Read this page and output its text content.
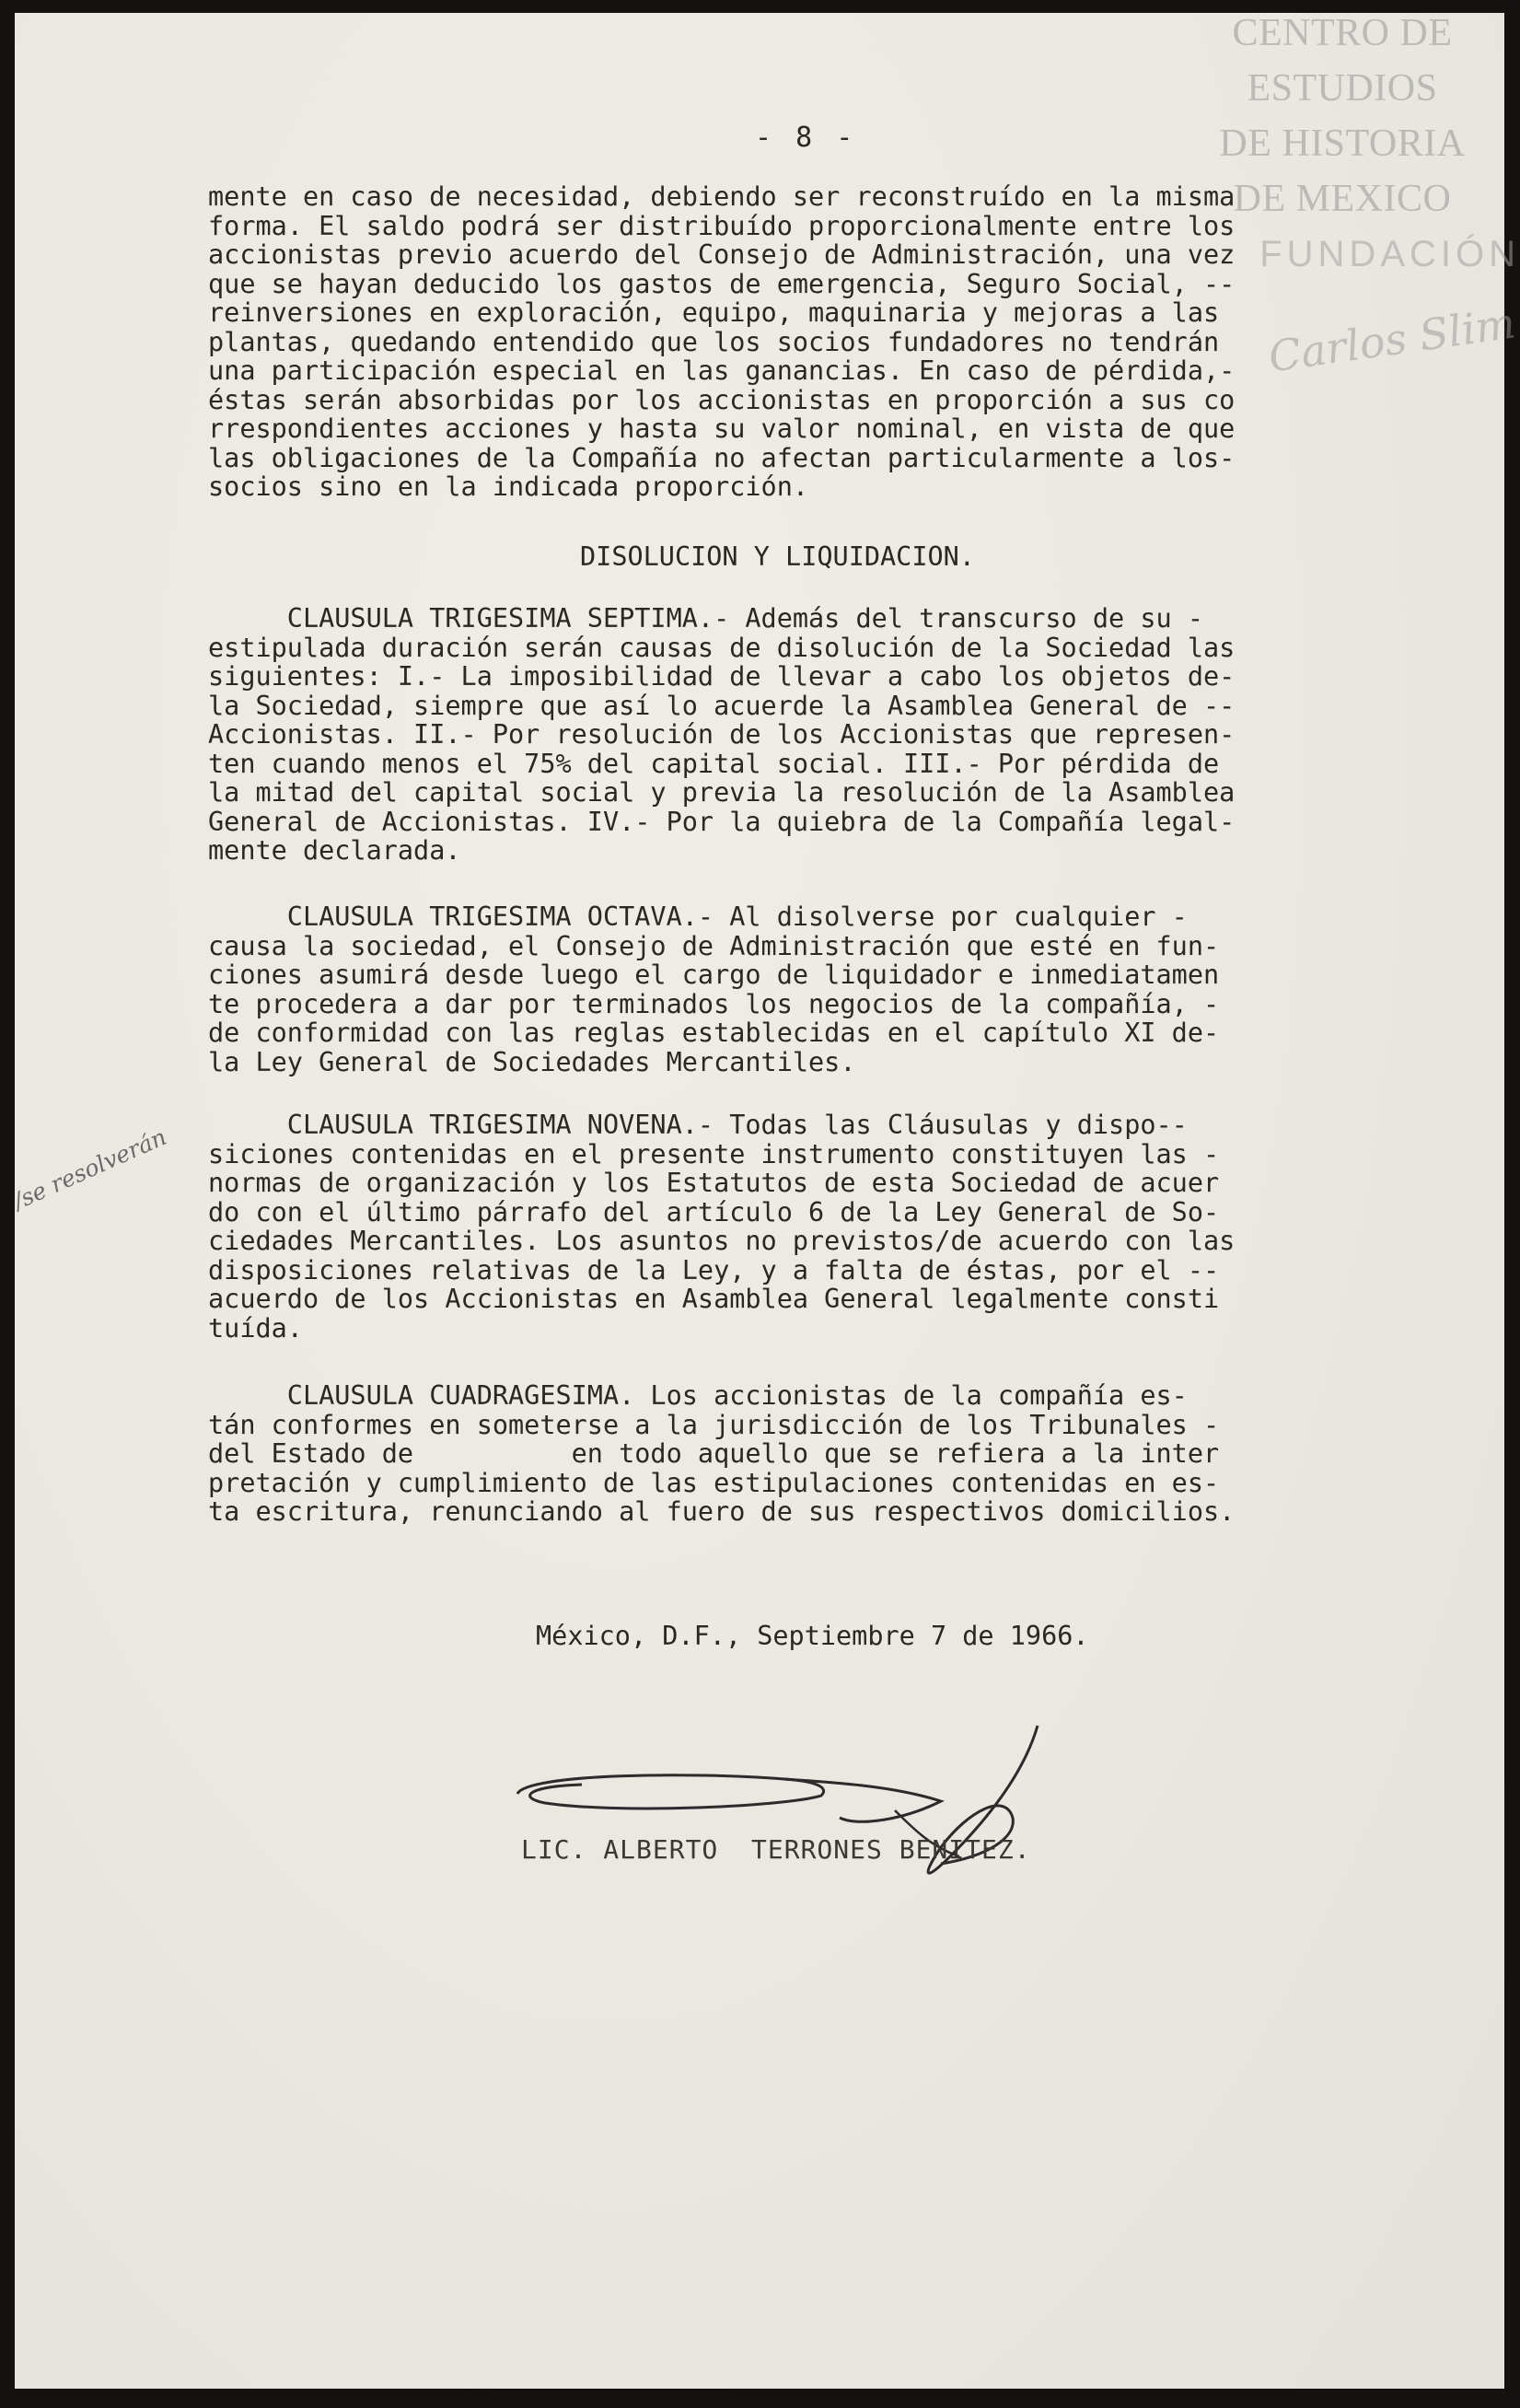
CENTRO DE
ESTUDIOS
DE HISTORIA
DE MEXICO
FUNDACIÓN
Carlos Slim
- 8 -
mente en caso de necesidad, debiendo ser reconstruído en la misma
forma. El saldo podrá ser distribuído proporcionalmente entre los
accionistas previo acuerdo del Consejo de Administración, una vez
que se hayan deducido los gastos de emergencia, Seguro Social, --
reinversiones en exploración, equipo, maquinaria y mejoras a las
plantas, quedando entendido que los socios fundadores no tendrán
una participación especial en las ganancias. En caso de pérdida,-
éstas serán absorbidas por los accionistas en proporción a sus co
rrespondientes acciones y hasta su valor nominal, en vista de que
las obligaciones de la Compañía no afectan particularmente a los-
socios sino en la indicada proporción.
DISOLUCION Y LIQUIDACION.
CLAUSULA TRIGESIMA SEPTIMA.- Además del transcurso de su -
estipulada duración serán causas de disolución de la Sociedad las
siguientes: I.- La imposibilidad de llevar a cabo los objetos de-
la Sociedad, siempre que así lo acuerde la Asamblea General de --
Accionistas. II.- Por resolución de los Accionistas que represen-
ten cuando menos el 75% del capital social. III.- Por pérdida de
la mitad del capital social y previa la resolución de la Asamblea
General de Accionistas. IV.- Por la quiebra de la Compañía legal-
mente declarada.
CLAUSULA TRIGESIMA OCTAVA.- Al disolverse por cualquier -
causa la sociedad, el Consejo de Administración que esté en fun-
ciones asumirá desde luego el cargo de liquidador e inmediatamen
te procedera a dar por terminados los negocios de la compañía, -
de conformidad con las reglas establecidas en el capítulo XI de-
la Ley General de Sociedades Mercantiles.
CLAUSULA TRIGESIMA NOVENA.- Todas las Cláusulas y dispo--
siciones contenidas en el presente instrumento constituyen las -
normas de organización y los Estatutos de esta Sociedad de acuer
do con el último párrafo del artículo 6 de la Ley General de So-
ciedades Mercantiles. Los asuntos no previstos/de acuerdo con las
disposiciones relativas de la Ley, y a falta de éstas, por el --
acuerdo de los Accionistas en Asamblea General legalmente consti
tuída.
/se resolverán
CLAUSULA CUADRAGESIMA. Los accionistas de la compañía es-
tán conformes en someterse a la jurisdicción de los Tribunales -
del Estado de          en todo aquello que se refiera a la inter
pretación y cumplimiento de las estipulaciones contenidas en es-
ta escritura, renunciando al fuero de sus respectivos domicilios.
México, D.F., Septiembre 7 de 1966.
LIC. ALBERTO  TERRONES BENITEZ.
